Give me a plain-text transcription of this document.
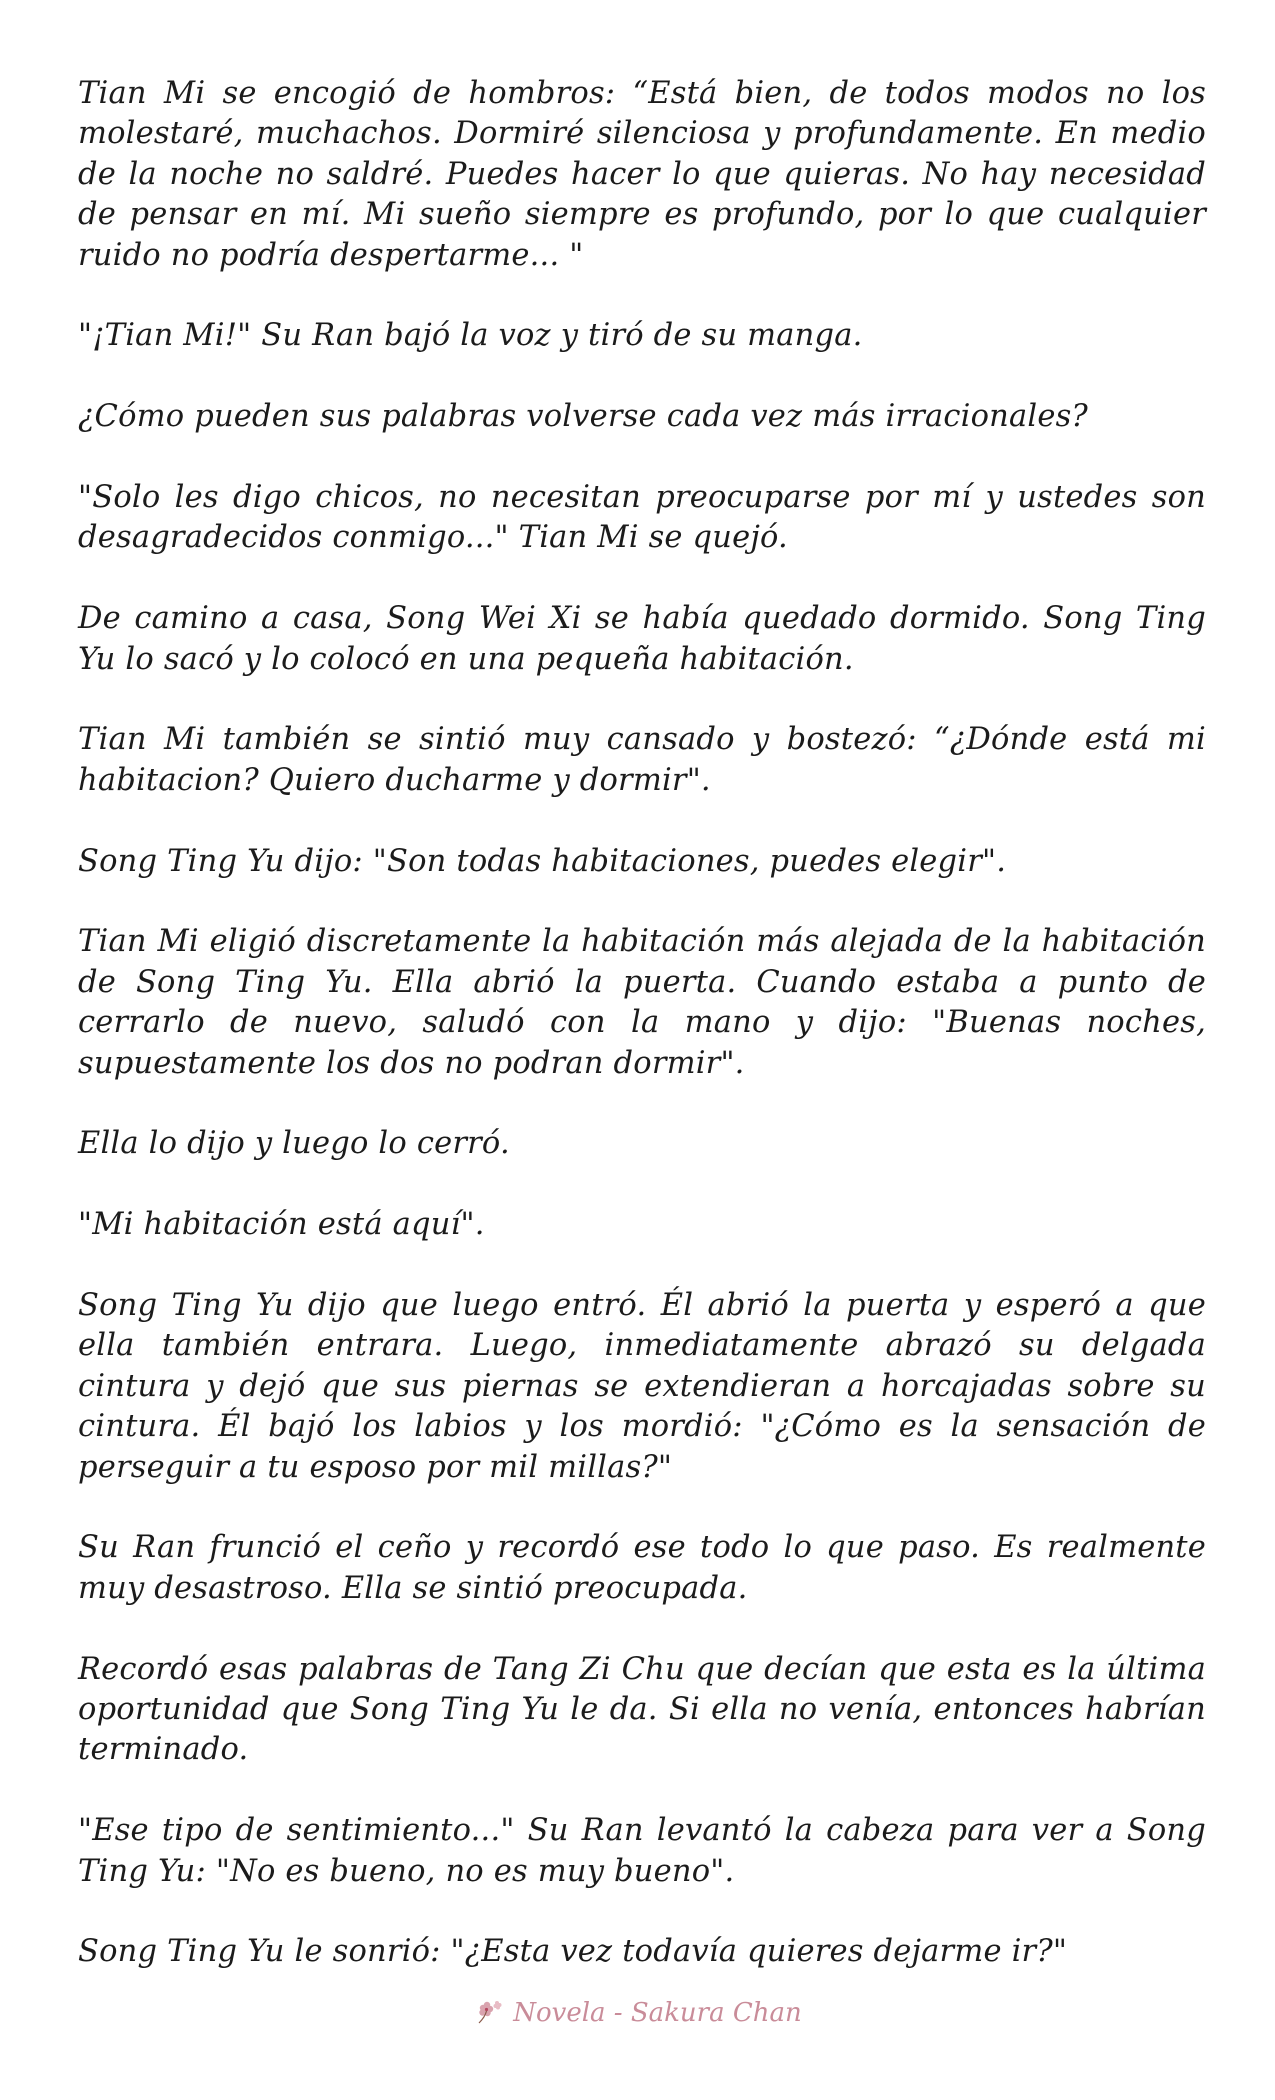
Tian Mi se encogió de hombros: “Está bien, de todos modos no los molestaré, muchachos. Dormiré silenciosa y profundamente. En medio de la noche no saldré. Puedes hacer lo que quieras. No hay necesidad de pensar en mí. Mi sueño siempre es profundo, por lo que cualquier ruido no podría despertarme... "

"¡Tian Mi!" Su Ran bajó la voz y tiró de su manga.

¿Cómo pueden sus palabras volverse cada vez más irracionales?

"Solo les digo chicos, no necesitan preocuparse por mí y ustedes son desagradecidos conmigo..." Tian Mi se quejó.

De camino a casa, Song Wei Xi se había quedado dormido. Song Ting Yu lo sacó y lo colocó en una pequeña habitación.

Tian Mi también se sintió muy cansado y bostezó: “¿Dónde está mi habitacion? Quiero ducharme y dormir".

Song Ting Yu dijo: "Son todas habitaciones, puedes elegir".

Tian Mi eligió discretamente la habitación más alejada de la habitación de Song Ting Yu. Ella abrió la puerta. Cuando estaba a punto de cerrarlo de nuevo, saludó con la mano y dijo: "Buenas noches, supuestamente los dos no podran dormir".

Ella lo dijo y luego lo cerró.

"Mi habitación está aquí".

Song Ting Yu dijo que luego entró. Él abrió la puerta y esperó a que ella también entrara. Luego, inmediatamente abrazó su delgada cintura y dejó que sus piernas se extendieran a horcajadas sobre su cintura. Él bajó los labios y los mordió: "¿Cómo es la sensación de perseguir a tu esposo por mil millas?"

Su Ran frunció el ceño y recordó ese todo lo que paso. Es realmente muy desastroso. Ella se sintió preocupada.

Recordó esas palabras de Tang Zi Chu que decían que esta es la última oportunidad que Song Ting Yu le da. Si ella no venía, entonces habrían terminado.

"Ese tipo de sentimiento..." Su Ran levantó la cabeza para ver a Song Ting Yu: "No es bueno, no es muy bueno".

Song Ting Yu le sonrió: "¿Esta vez todavía quieres dejarme ir?"

Novela - Sakura Chan
